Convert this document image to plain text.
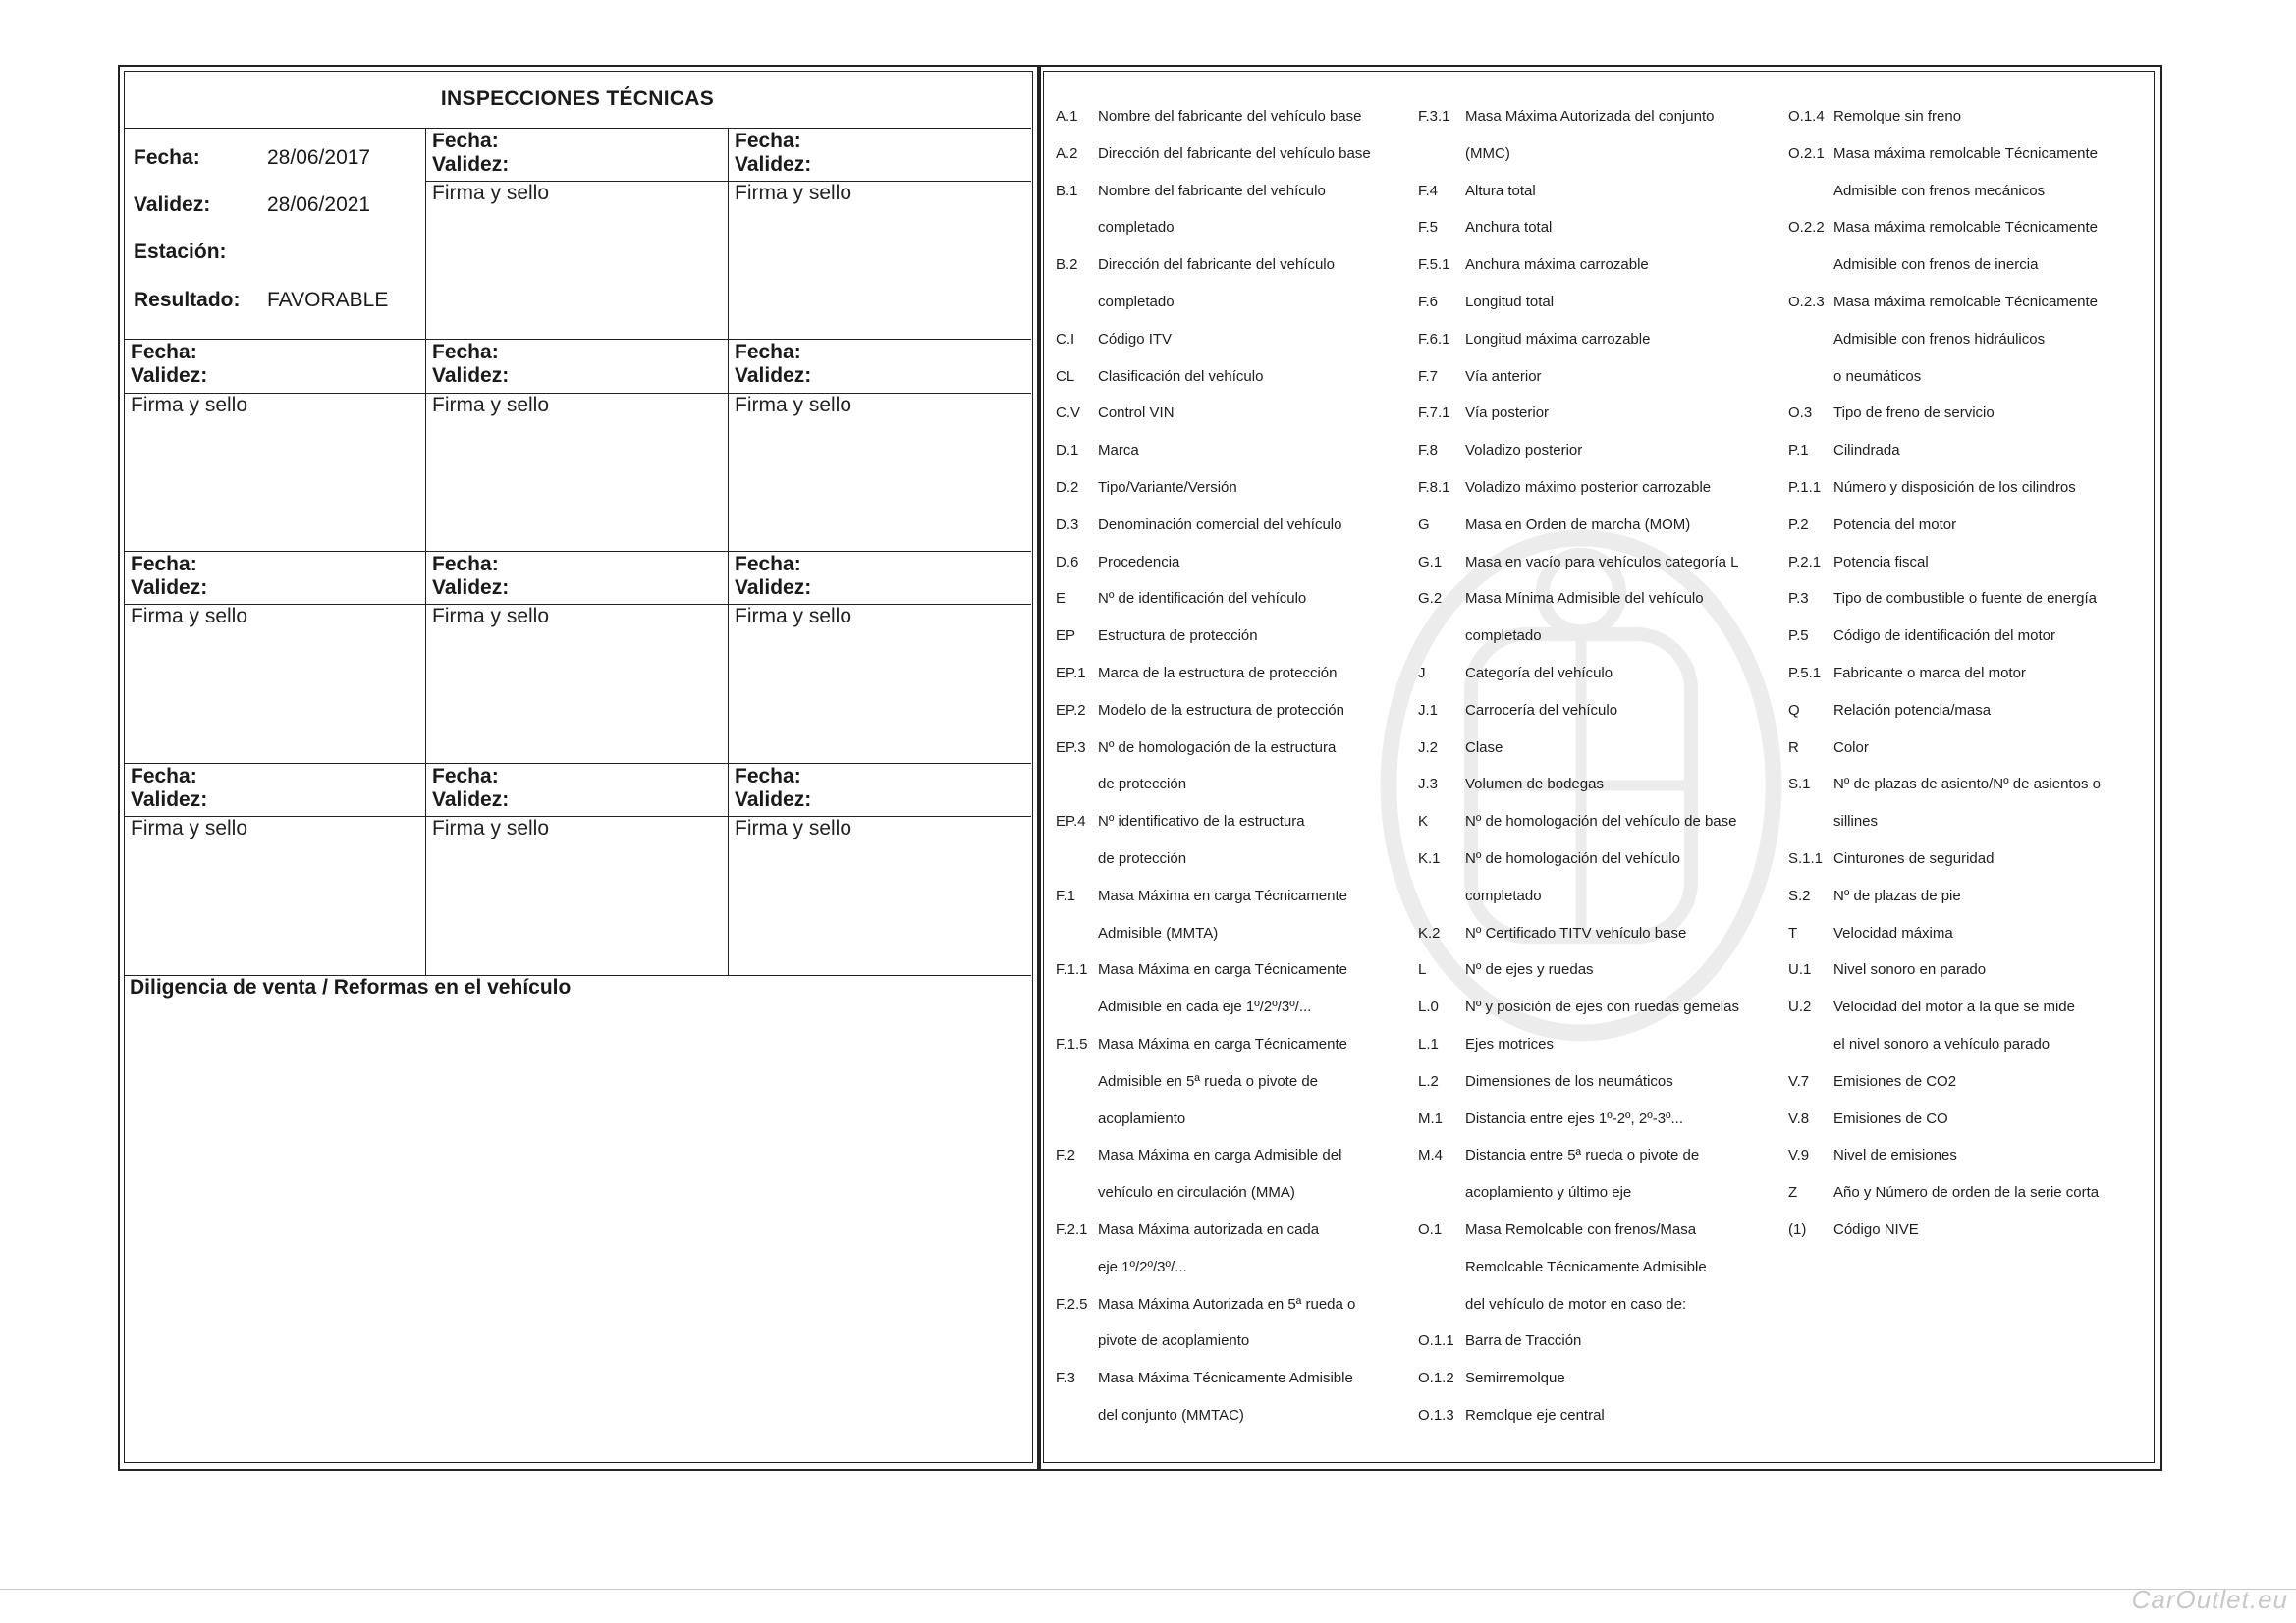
INSPECCIONES TÉCNICAS
Fecha:	28/06/2017
Validez:	28/06/2021
Estación:
Resultado: FAVORABLE
Fecha:
Validez:
Firma y sello
Fecha:
Validez:
Firma y sello
Fecha:
Validez:
Firma y sello
Fecha:
Validez:
Firma y sello
Fecha:
Validez:
Firma y sello
Fecha:
Validez:
Firma y sello
Fecha:
Validez:
Firma y sello
Fecha:
Validez:
Firma y sello
Fecha:
Validez:
Firma y sello
Fecha:
Validez:
Firma y sello
Fecha:
Validez:
Firma y sello
Diligencia de venta / Reformas en el vehículo
A.1 Nombre del fabricante del vehículo base
A.2 Dirección del fabricante del vehículo base
B.1 Nombre del fabricante del vehículo
completado
B.2 Dirección del fabricante del vehículo
completado
C.I Código ITV
CL Clasificación del vehículo
C.V Control VIN
D.1 Marca
D.2 Tipo/Variante/Versión
D.3 Denominación comercial del vehículo
D.6 Procedencia
E Nº de identificación del vehículo
EP Estructura de protección
EP.1 Marca de la estructura de protección
EP.2 Modelo de la estructura de protección
EP.3 Nº de homologación de la estructura
de protección
EP.4 Nº identificativo de la estructura
de protección
F.1 Masa Máxima en carga Técnicamente
Admisible (MMTA)
F.1.1 Masa Máxima en carga Técnicamente
Admisible en cada eje 1º/2º/3º/...
F.1.5 Masa Máxima en carga Técnicamente
Admisible en 5ª rueda o pivote de
acoplamiento
F.2 Masa Máxima en carga Admisible del
vehículo en circulación (MMA)
F.2.1 Masa Máxima autorizada en cada
eje 1º/2º/3º/...
F.2.5 Masa Máxima Autorizada en 5ª rueda o
pivote de acoplamiento
F.3 Masa Máxima Técnicamente Admisible
del conjunto (MMTAC)
F.3.1 Masa Máxima Autorizada del conjunto
(MMC)
F.4 Altura total
F.5 Anchura total
F.5.1 Anchura máxima carrozable
F.6 Longitud total
F.6.1 Longitud máxima carrozable
F.7 Vía anterior
F.7.1 Vía posterior
F.8 Voladizo posterior
F.8.1 Voladizo máximo posterior carrozable
G Masa en Orden de marcha (MOM)
G.1 Masa en vacío para vehículos categoría L
G.2 Masa Mínima Admisible del vehículo
completado
J	Categoría del vehículo
J.1 Carrocería del vehículo
J.2 Clase
J.3 Volumen de bodegas
K	Nº de homologación del vehículo de base
K.1 Nº de homologación del vehículo
completado
K.2 Nº Certificado TITV vehículo base
L	Nº de ejes y ruedas
L.0 Nº y posición de ejes con ruedas gemelas
L.1 Ejes motrices
L.2 Dimensiones de los neumáticos
M.1 Distancia entre ejes 1º-2º, 2º-3º...
M.4 Distancia entre 5ª rueda o pivote de
acoplamiento y último eje
O.1 Masa Remolcable con frenos/Masa
Remolcable Técnicamente Admisible
del vehículo de motor en caso de:
O.1.1 Barra de Tracción
O.1.2 Semirremolque
O.1.3 Remolque eje central
O.1.4 Remolque sin freno
O.2.1 Masa máxima remolcable Técnicamente
Admisible con frenos mecánicos
O.2.2 Masa máxima remolcable Técnicamente
Admisible con frenos de inercia
O.2.3 Masa máxima remolcable Técnicamente
Admisible con frenos hidráulicos
o neumáticos
O.3 Tipo de freno de servicio
P.1 Cilindrada
P.1.1 Número y disposición de los cilindros
P.2 Potencia del motor
P.2.1 Potencia fiscal
P.3 Tipo de combustible o fuente de energía
P.5 Código de identificación del motor
P.5.1 Fabricante o marca del motor
Q Relación potencia/masa
R Color
S.1 Nº de plazas de asiento/Nº de asientos o
sillines
S.1.1 Cinturones de seguridad
S.2 Nº de plazas de pie
T Velocidad máxima
U.1 Nivel sonoro en parado
U.2 Velocidad del motor a la que se mide
el nivel sonoro a vehículo parado
V.7 Emisiones de CO2
V.8 Emisiones de CO
V.9 Nivel de emisiones
Z Año y Número de orden de la serie corta
(1) Código NIVE
CarOutlet.eu
